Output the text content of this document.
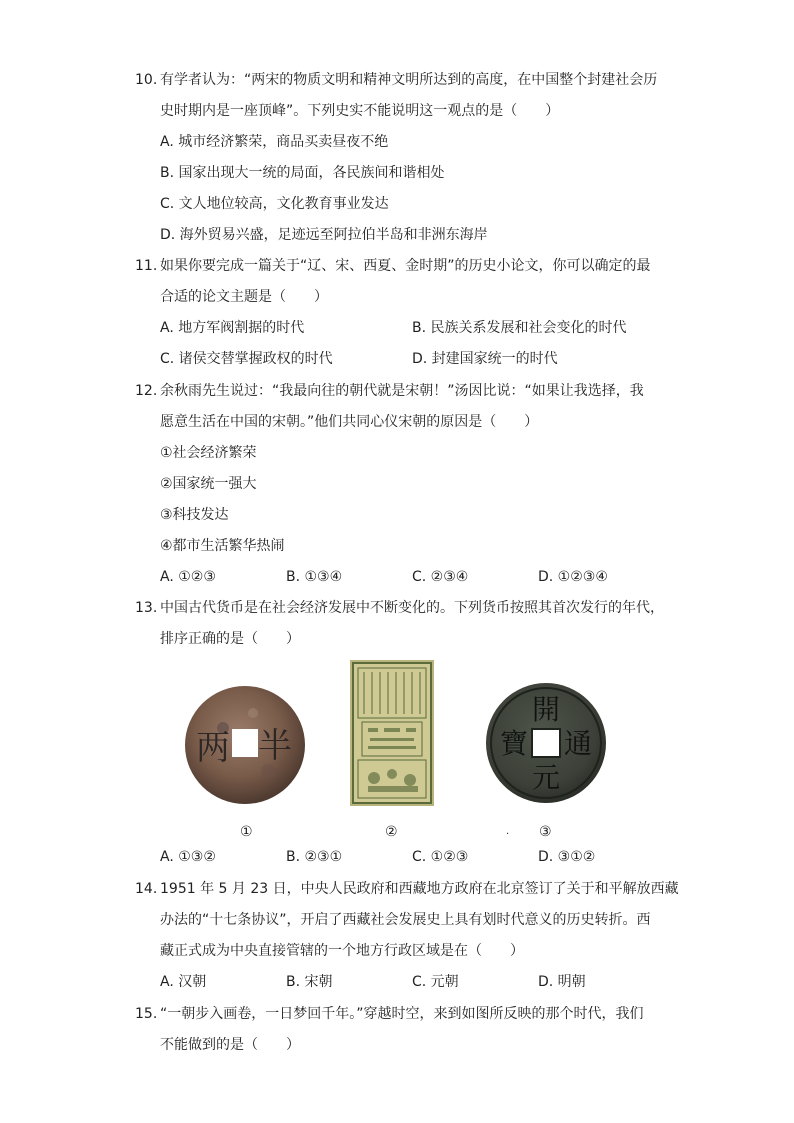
10. 有学者认为：“两宋的物质文明和精神文明所达到的高度，在中国整个封建社会历
史时期内是一座顶峰”。下列史实不能说明这一观点的是（　　）
A. 城市经济繁荣，商品买卖昼夜不绝
B. 国家出现大一统的局面，各民族间和谐相处
C. 文人地位较高，文化教育事业发达
D. 海外贸易兴盛，足迹远至阿拉伯半岛和非洲东海岸
11. 如果你要完成一篇关于“辽、宋、西夏、金时期”的历史小论文，你可以确定的最
合适的论文主题是（　　）
A. 地方军阀割据的时代	B. 民族关系发展和社会变化的时代
C. 诸侯交替掌握政权的时代	D. 封建国家统一的时代
12. 余秋雨先生说过：“我最向往的朝代就是宋朝！”汤因比说：“如果让我选择，我
愿意生活在中国的宋朝。”他们共同心仪宋朝的原因是（　　）
①社会经济繁荣
②国家统一强大
③科技发达
④都市生活繁华热闹
A. ①②③	B. ①③④	C. ②③④	D. ①②③④
13. 中国古代货币是在社会经济发展中不断变化的。下列货币按照其首次发行的年代，
排序正确的是（　　）
半
两
開
通
元
寶
①	②	. ③
A. ①③②	B. ②③①	C. ①②③	D. ③①②
14. 1951 年 5 月 23 日，中央人民政府和西藏地方政府在北京签订了关于和平解放西藏
办法的“十七条协议”，开启了西藏社会发展史上具有划时代意义的历史转折。西
藏正式成为中央直接管辖的一个地方行政区域是在（　　）
A. 汉朝	B. 宋朝	C. 元朝	D. 明朝
15. “一朝步入画卷，一日梦回千年。”穿越时空，来到如图所反映的那个时代，我们
不能做到的是（　　）
